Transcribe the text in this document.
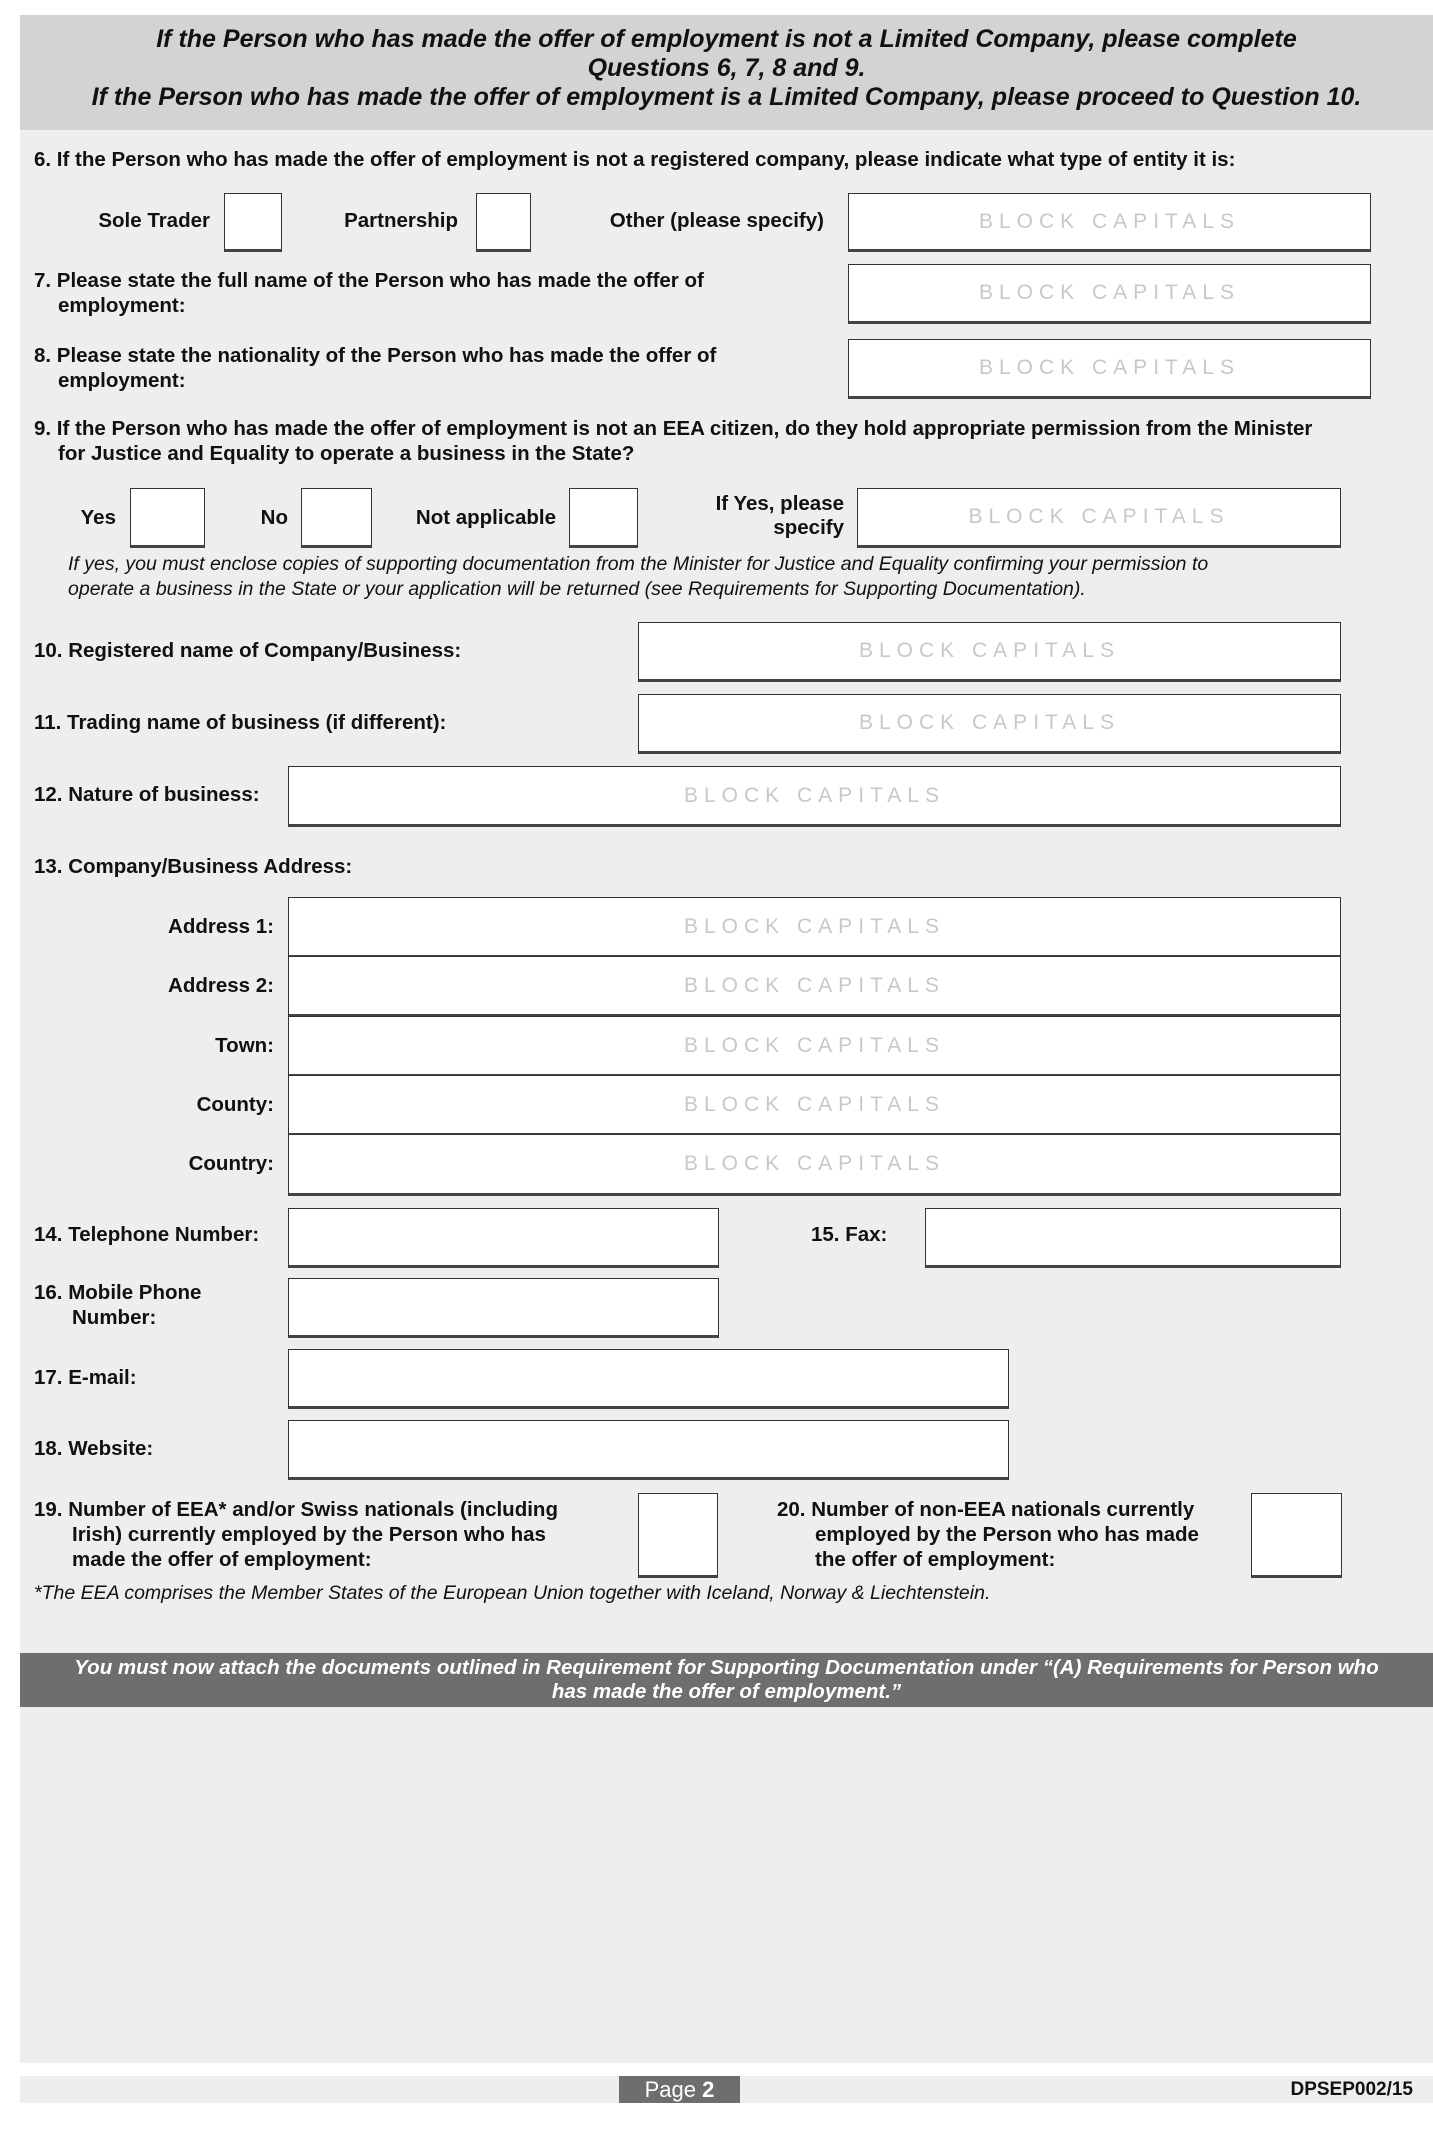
If the Person who has made the offer of employment is not a Limited Company, please complete
Questions 6, 7, 8 and 9.
If the Person who has made the offer of employment is a Limited Company, please proceed to Question 10.
6. If the Person who has made the offer of employment is not a registered company, please indicate what type of entity it is:
Sole Trader	Partnership	Other (please specify)	BLOCK CAPITALS
7. Please state the full name of the Person who has made the offer of
employment:
BLOCK CAPITALS
8. Please state the nationality of the Person who has made the offer of
employment:
BLOCK CAPITALS
9. If the Person who has made the offer of employment is not an EEA citizen, do they hold appropriate permission from the Minister
for Justice and Equality to operate a business in the State?
Yes	No	Not applicable
If Yes, please
specify	BLOCK CAPITALS
If yes, you must enclose copies of supporting documentation from the Minister for Justice and Equality confirming your permission to
operate a business in the State or your application will be returned (see Requirements for Supporting Documentation).
10. Registered name of Company/Business:	BLOCK CAPITALS
11. Trading name of business (if different):	BLOCK CAPITALS
12. Nature of business:	BLOCK CAPITALS
13. Company/Business Address:
Address 1:	BLOCK CAPITALS
Address 2:	BLOCK CAPITALS
Town:	BLOCK CAPITALS
County:	BLOCK CAPITALS
Country:	BLOCK CAPITALS
14. Telephone Number:	15. Fax:
16. Mobile Phone
Number:
17. E-mail:
18. Website:
19. Number of EEA* and/or Swiss nationals (including
Irish) currently employed by the Person who has
made the offer of employment:
20. Number of non-EEA nationals currently
employed by the Person who has made
the offer of employment:
*The EEA comprises the Member States of the European Union together with Iceland, Norway & Liechtenstein.
You must now attach the documents outlined in Requirement for Supporting Documentation under “(A) Requirements for Person who
has made the offer of employment.”
Page 2	DPSEP002/15
